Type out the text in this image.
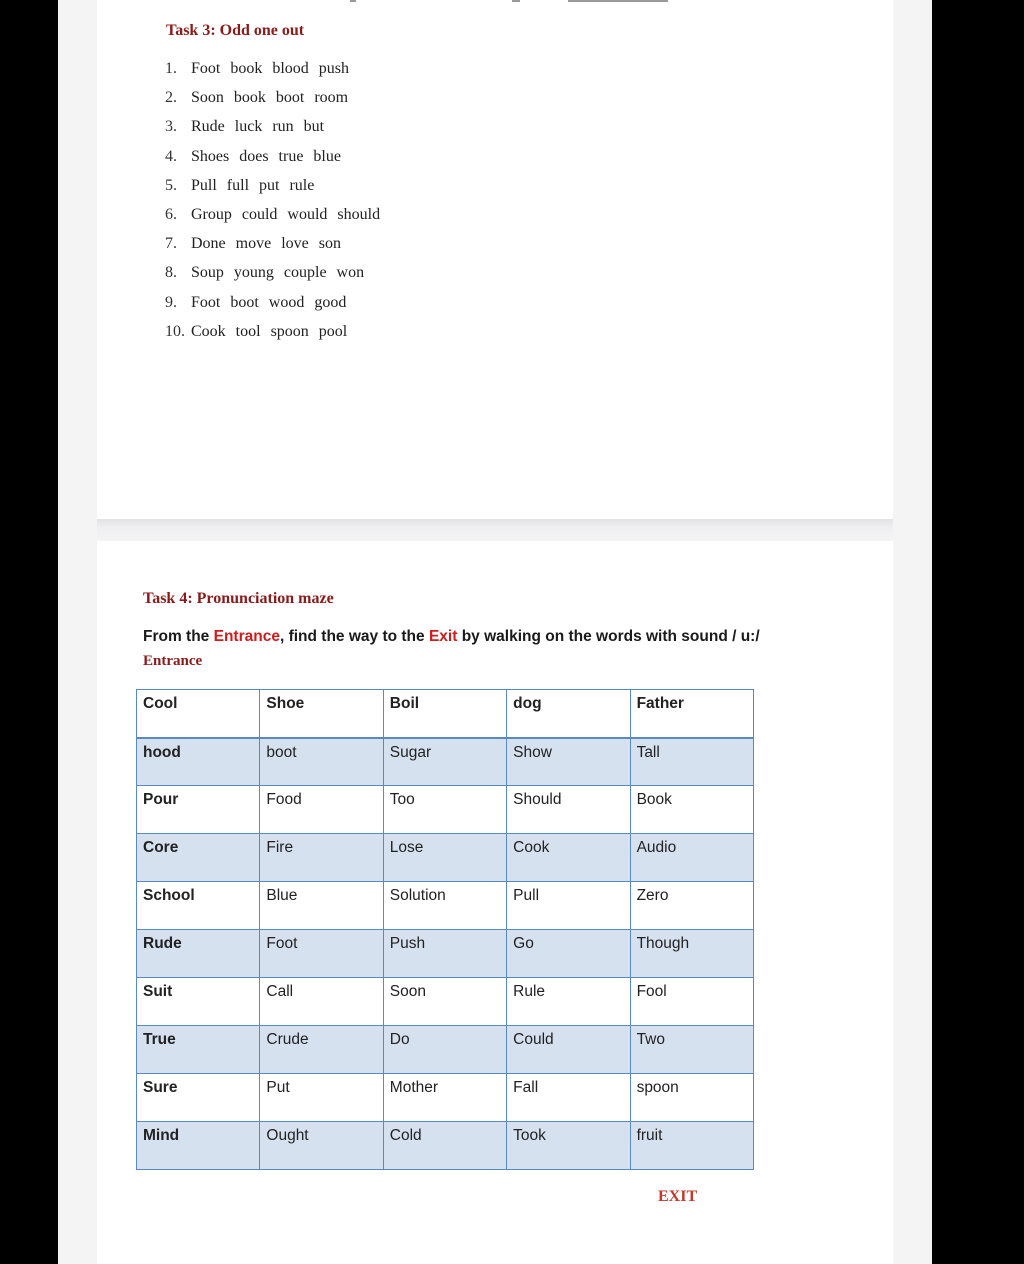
Task 3: Odd one out
1. Foot book blood push
2. Soon book boot room
3. Rude luck run but
4. Shoes does true blue
5. Pull full put rule
6. Group could would should
7. Done move love son
8. Soup young couple won
9. Foot boot wood good
10. Cook tool spoon pool
Task 4: Pronunciation maze
From the Entrance, find the way to the Exit by walking on the words with sound / u:/
Entrance
Cool	Shoe	Boil	dog	Father
hood	boot	Sugar	Show	Tall
Pour	Food	Too	Should	Book
Core	Fire	Lose	Cook	Audio
School	Blue	Solution	Pull	Zero
Rude	Foot	Push	Go	Though
Suit	Call	Soon	Rule	Fool
True	Crude	Do	Could	Two
Sure	Put	Mother	Fall	spoon
Mind	Ought	Cold	Took	fruit
EXIT
